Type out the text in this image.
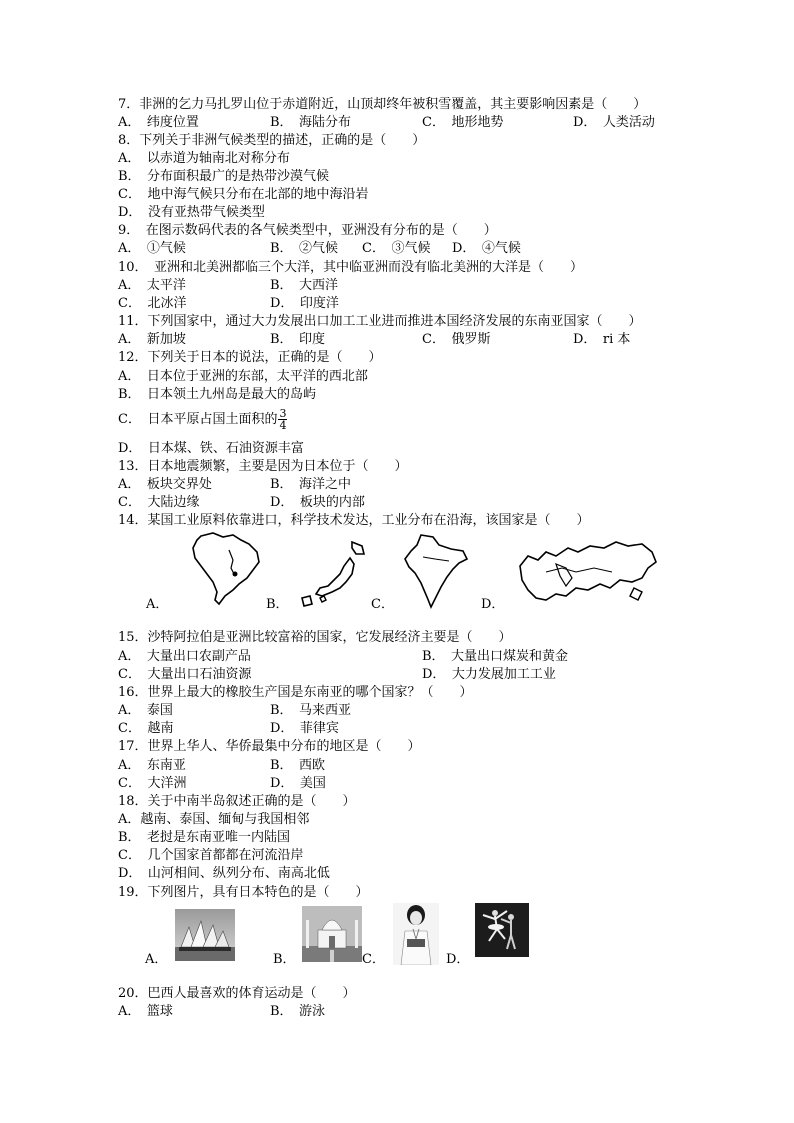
7．非洲的乞力马扎罗山位于赤道附近，山顶却终年被积雪覆盖，其主要影响因素是（　　）
A．　纬度位置	B．　海陆分布	C．　地形地势	D．　人类活动
8．下列关于非洲气候类型的描述，正确的是（　　）
A．　以赤道为轴南北对称分布
B．　分布面积最广的是热带沙漠气候
C．　地中海气候只分布在北部的地中海沿岩
D．　没有亚热带气候类型
9．　在图示数码代表的各气候类型中，亚洲没有分布的是（　　）
A．　①气候	B．　②气候 C．　③气候 D．　④气候
10．　亚洲和北美洲都临三个大洋，其中临亚洲而没有临北美洲的大洋是（　　）
A．　太平洋	B．　大西洋
C．　北冰洋	D．　印度洋
11．下列国家中，通过大力发展出口加工工业进而推进本国经济发展的东南亚国家（　　）
A．　新加坡	B．　印度	C．　俄罗斯	D．　ri 本
12．下列关于日本的说法，正确的是（　　）
A．　日本位于亚洲的东部，太平洋的西北部
B．　日本领土九州岛是最大的岛屿
C．　日本平原占国土面积的 $\frac{3}{4}$
D．　日本煤、铁、石油资源丰富
13．日本地震频繁，主要是因为日本位于（　　）
A．　板块交界处	B．　海洋之中
C．　大陆边缘	D．　板块的内部
14．某国工业原料依靠进口，科学技术发达，工业分布在沿海，该国家是（　　）
A．	B．	C．	D．
15．沙特阿拉伯是亚洲比较富裕的国家，它发展经济主要是（　　）
A．　大量出口农副产品	B．　大量出口煤炭和黄金
C．　大量出口石油资源	D．　大力发展加工工业
16．世界上最大的橡胶生产国是东南亚的哪个国家？（　　）
A．　泰国	B．　马来西亚
C．　越南	D．　菲律宾
17．世界上华人、华侨最集中分布的地区是（　　）
A．　东南亚	B．　西欧
C．　大洋洲	D．　美国
18．关于中南半岛叙述正确的是（　　）
A．越南、泰国、缅甸与我国相邻
B．　老挝是东南亚唯一内陆国
C．　几个国家首都都在河流沿岸
D．　山河相间、纵列分布、南高北低
19．下列图片，具有日本特色的是（　　）
A．	B．	C．	D．
20．巴西人最喜欢的体育运动是（　　）
A．　篮球	B．　游泳
